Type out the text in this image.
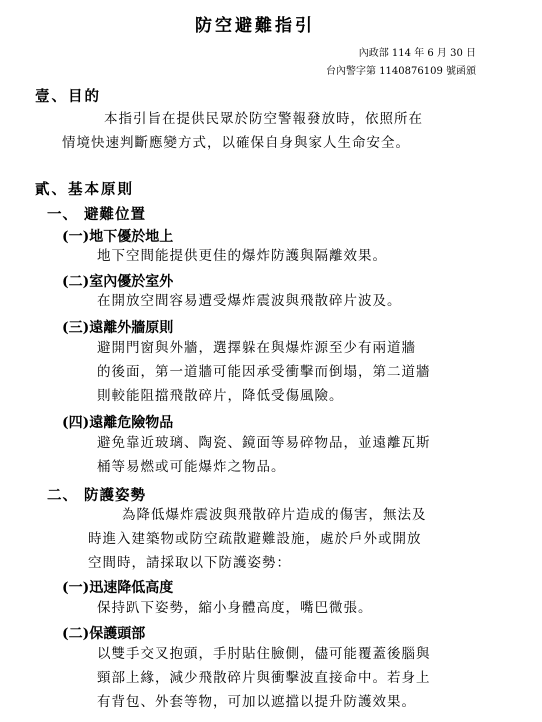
防空避難指引
內政部 114 年 6 月 30 日
台內警字第 1140876109 號函頒
壹、目的
本指引旨在提供民眾於防空警報發放時，依照所在
情境快速判斷應變方式，以確保自身與家人生命安全。
貳、基本原則
一、 避難位置
(一)地下優於地上
地下空間能提供更佳的爆炸防護與隔離效果。
(二)室內優於室外
在開放空間容易遭受爆炸震波與飛散碎片波及。
(三)遠離外牆原則
避開門窗與外牆，選擇躲在與爆炸源至少有兩道牆
的後面，第一道牆可能因承受衝擊而倒塌，第二道牆
則較能阻擋飛散碎片，降低受傷風險。
(四)遠離危險物品
避免靠近玻璃、陶瓷、鏡面等易碎物品，並遠離瓦斯
桶等易燃或可能爆炸之物品。
二、 防護姿勢
為降低爆炸震波與飛散碎片造成的傷害，無法及
時進入建築物或防空疏散避難設施，處於戶外或開放
空間時，請採取以下防護姿勢：
(一)迅速降低高度
保持趴下姿勢，縮小身體高度，嘴巴微張。
(二)保護頭部
以雙手交叉抱頭，手肘貼住臉側，儘可能覆蓋後腦與
頸部上緣，減少飛散碎片與衝擊波直接命中。若身上
有背包、外套等物，可加以遮擋以提升防護效果。
